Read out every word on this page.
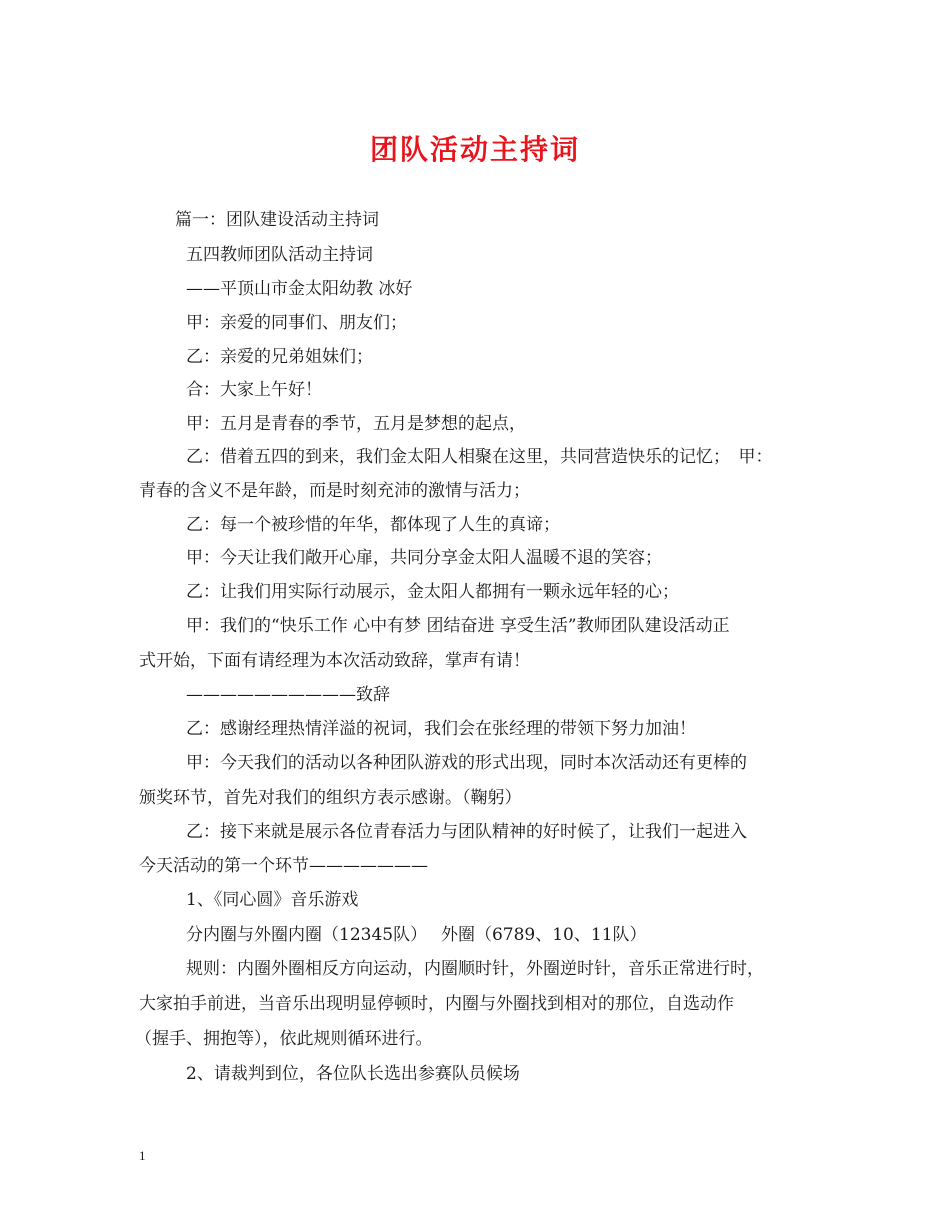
团队活动主持词
篇一：团队建设活动主持词
五四教师团队活动主持词
——平顶山市金太阳幼教 冰好
甲：亲爱的同事们、朋友们；
乙：亲爱的兄弟姐妹们；
合：大家上午好！
甲：五月是青春的季节，五月是梦想的起点，
乙：借着五四的到来，我们金太阳人相聚在这里，共同营造快乐的记忆；　甲：
青春的含义不是年龄，而是时刻充沛的激情与活力；
乙：每一个被珍惜的年华，都体现了人生的真谛；
甲：今天让我们敞开心扉，共同分享金太阳人温暖不退的笑容；
乙：让我们用实际行动展示，金太阳人都拥有一颗永远年轻的心；
甲：我们的“快乐工作 心中有梦 团结奋进 享受生活”教师团队建设活动正
式开始，下面有请经理为本次活动致辞，掌声有请！
——————————致辞
乙：感谢经理热情洋溢的祝词，我们会在张经理的带领下努力加油！
甲：今天我们的活动以各种团队游戏的形式出现，同时本次活动还有更棒的
颁奖环节，首先对我们的组织方表示感谢。（鞠躬）
乙：接下来就是展示各位青春活力与团队精神的好时候了，让我们一起进入
今天活动的第一个环节———————
1、《同心圆》音乐游戏
分内圈与外圈内圈（12345队）　 外圈（6789、10、11队）
规则：内圈外圈相反方向运动，内圈顺时针，外圈逆时针，音乐正常进行时，
大家拍手前进，当音乐出现明显停顿时，内圈与外圈找到相对的那位，自选动作
（握手、拥抱等），依此规则循环进行。
2、请裁判到位，各位队长选出参赛队员候场
1
